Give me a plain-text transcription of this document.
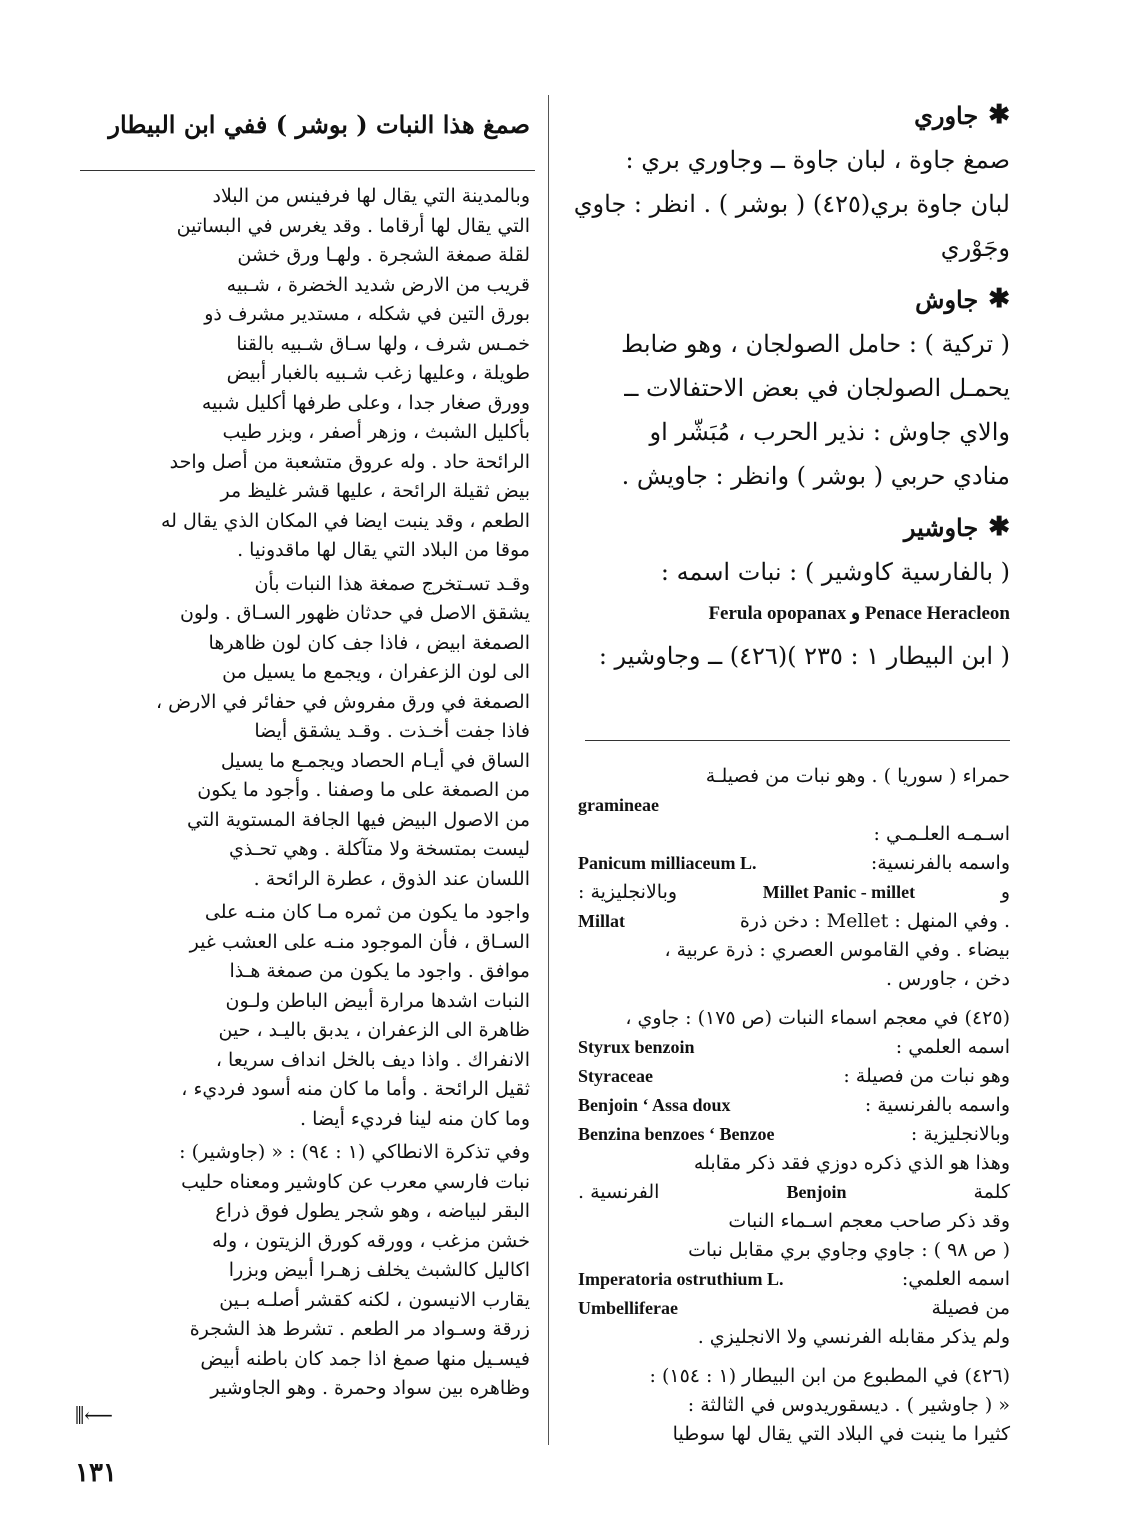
✱
جاوري
صمغ جاوة ، لبان جاوة ــ وجاوري بري :
لبان جاوة بري(٤٢٥) ( بوشر ) . انظر : جاوي
وجَوْري
✱
جاوش
( تركية ) : حامل الصولجان ، وهو ضابط
يحمـل الصولجان في بعض الاحتفالات ــ
والاي جاوش : نذير الحرب ، مُبَشّر او
منادي حربي ( بوشر ) وانظر : جاويش .
✱
جاوشير
( بالفارسية كاوشير ) : نبات اسمه :
Ferula opopanax و Penace Heracleon
( ابن البيطار ١ : ٢٣٥ )(٤٢٦) ــ وجاوشير :
حمراء ( سوريا ) . وهو نبات من فصيلـة
gramineae
اسـمـه العلـمـي :
واسمه بالفرنسية:
Panicum milliaceum L.
و
Millet Panic - millet
وبالانجليزية :
. وفي المنهل : Mellet : دخن ذرة
Millat
بيضاء . وفي القاموس العصري : ذرة عربية ،
دخن ، جاورس .
(٤٢٥) في معجم اسماء النبات (ص ١٧٥) : جاوي ،
اسمه العلمي :
Styrux benzoin
وهو نبات من فصيلة :
Styraceae
واسمه بالفرنسية :
Benjoin ‘ Assa doux
وبالانجليزية :
Benzina benzoes ‘ Benzoe
وهذا هو الذي ذكره دوزي فقد ذكر مقابله
كلمة
Benjoin
الفرنسية .
وقد ذكر صاحب معجم اسـماء النبات
( ص ٩٨ ) : جاوي وجاوي بري مقابل نبات
اسمه العلمي:
Imperatoria ostruthium L.
من فصيلة
Umbelliferae
ولم يذكر مقابله الفرنسي ولا الانجليزي .
(٤٢٦) في المطبوع من ابن البيطار (١ : ١٥٤) :
« ( جاوشير ) . ديسقوريدوس في الثالثة :
كثيرا ما ينبت في البلاد التي يقال لها سوطيا
صمغ هذا النبات ( بوشر ) ففي ابن البيطار
وبالمدينة التي يقال لها فرفينس من البلاد
التي يقال لها أرقاما . وقد يغرس في البساتين
لقلة صمغة الشجرة . ولهـا ورق خشن
قريب من الارض شديد الخضرة ، شـبيه
بورق التين في شكله ، مستدير مشرف ذو
خمـس شرف ، ولها سـاق شـبيه بالقنا
طويلة ، وعليها زغب شـبيه بالغبار أبيض
وورق صغار جدا ، وعلى طرفها أكليل شبيه
بأكليل الشبث ، وزهر أصفر ، وبزر طيب
الرائحة حاد . وله عروق متشعبة من أصل واحد
بيض ثقيلة الرائحة ، عليها قشر غليظ مر
الطعم ، وقد ينبت ايضا في المكان الذي يقال له
موقا من البلاد التي يقال لها ماقدونيا .
وقـد تسـتخرج صمغة هذا النبات بأن
يشقق الاصل في حدثان ظهور السـاق . ولون
الصمغة ابيض ، فاذا جف كان لون ظاهرها
الى لون الزعفران ، ويجمع ما يسيل من
الصمغة في ورق مفروش في حفائر في الارض ،
فاذا جفت أخـذت . وقـد يشقق أيضا
الساق في أيـام الحصاد ويجمـع ما يسيل
من الصمغة على ما وصفنا . وأجود ما يكون
من الاصول البيض فيها الجافة المستوية التي
ليست بمتسخة ولا متآكلة . وهي تحـذي
اللسان عند الذوق ، عطرة الرائحة .
واجود ما يكون من ثمره مـا كان منـه على
السـاق ، فأن الموجود منـه على العشب غير
موافق . واجود ما يكون من صمغة هـذا
النبات اشدها مرارة أبيض الباطن ولـون
ظاهرة الى الزعفران ، يدبق باليـد ، حين
الانفراك . واذا ديف بالخل انداف سريعا ،
ثقيل الرائحة . وأما ما كان منه أسود فرديء ،
وما كان منه لينا فرديء أيضا .
وفي تذكرة الانطاكي (١ : ٩٤) : « (جاوشير) :
نبات فارسي معرب عن كاوشير ومعناه حليب
البقر لبياضه ، وهو شجر يطول فوق ذراع
خشن مزغب ، وورقه كورق الزيتون ، وله
اكاليل كالشبث يخلف زهـرا أبيض وبزرا
يقارب الانيسون ، لكنه كقشر أصلـه بـين
زرقة وسـواد مر الطعم . تشرط هذ الشجرة
فيسـيل منها صمغ اذا جمد كان باطنه أبيض
وظاهره بين سواد وحمرة . وهو الجاوشير
⟵⫼
١٣١
